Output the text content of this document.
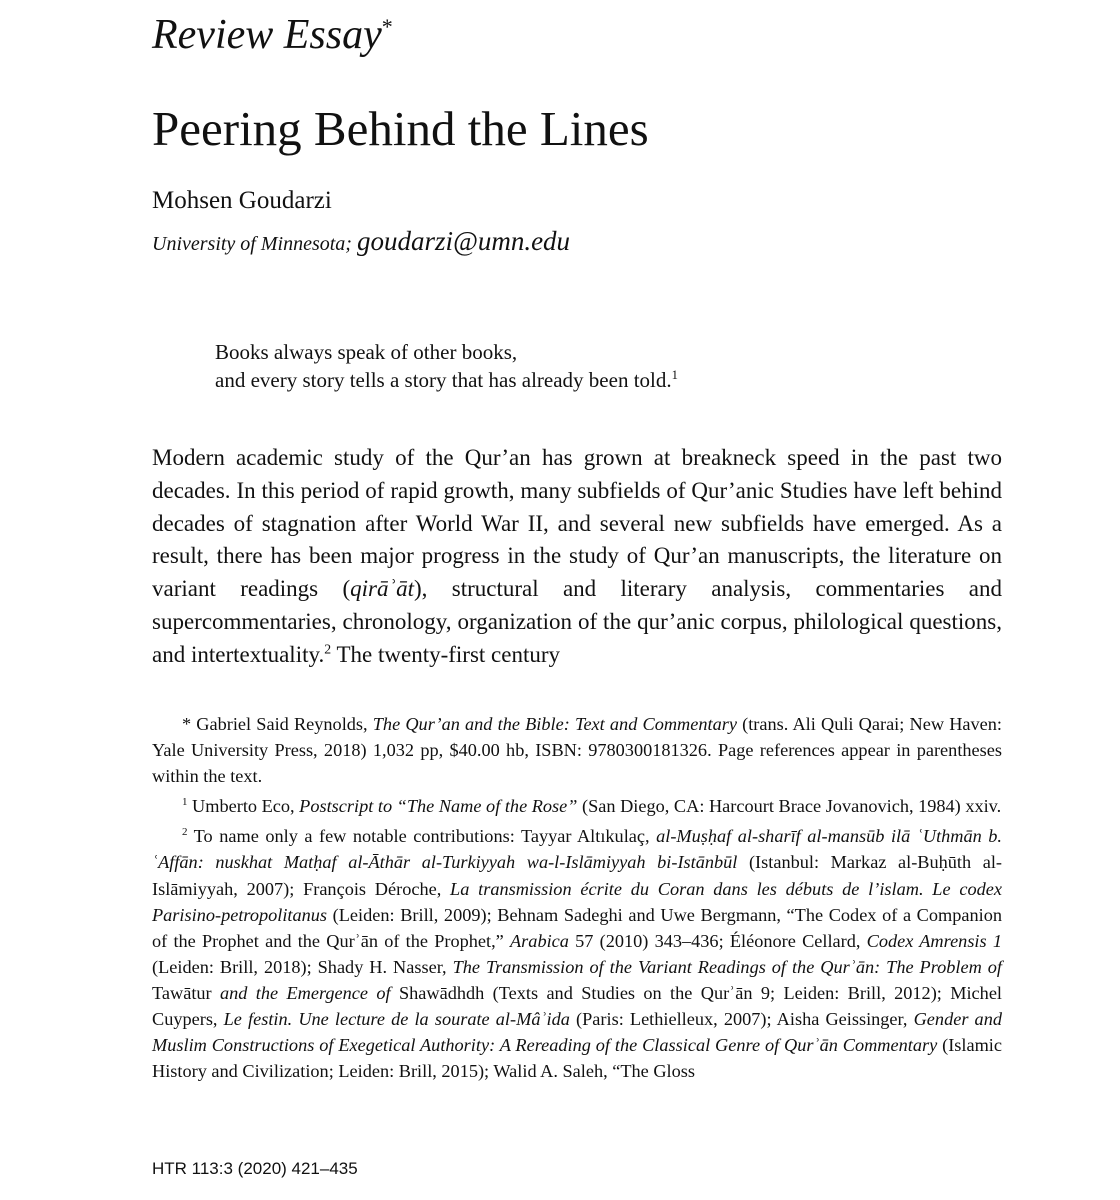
Review Essay*
Peering Behind the Lines
Mohsen Goudarzi
University of Minnesota; goudarzi@umn.edu
Books always speak of other books,
and every story tells a story that has already been told.$^1$

Modern academic study of the Qur’an has grown at breakneck speed in the past two decades. In this period of rapid growth, many subfields of Qur’anic Studies have left behind decades of stagnation after World War II, and several new subfields have emerged. As a result, there has been major progress in the study of Qur’an manuscripts, the literature on variant readings (qirāʾāt), structural and literary analysis, commentaries and supercommentaries, chronology, organization of the qur’anic corpus, philological questions, and intertextuality.$^2$ The twenty-first century

* Gabriel Said Reynolds, The Qur’an and the Bible: Text and Commentary (trans. Ali Quli Qarai; New Haven: Yale University Press, 2018) 1,032 pp, $40.00 hb, ISBN: 9780300181326. Page references appear in parentheses within the text.

$^1$ Umberto Eco, Postscript to “The Name of the Rose” (San Diego, CA: Harcourt Brace Jovanovich, 1984) xxiv.

$^2$ To name only a few notable contributions: Tayyar Altıkulaç, al-Muṣḥaf al-sharīf al-mansūb ilā ʿUthmān b. ʿAffān: nuskhat Matḥaf al-Āthār al-Turkiyyah wa-l-Islāmiyyah bi-Istānbūl (Istanbul: Markaz al-Buḥūth al-Islāmiyyah, 2007); François Déroche, La transmission écrite du Coran dans les débuts de l’islam. Le codex Parisino-petropolitanus (Leiden: Brill, 2009); Behnam Sadeghi and Uwe Bergmann, “The Codex of a Companion of the Prophet and the Qurʾān of the Prophet,” Arabica 57 (2010) 343–436; Éléonore Cellard, Codex Amrensis 1 (Leiden: Brill, 2018); Shady H. Nasser, The Transmission of the Variant Readings of the Qurʾān: The Problem of Tawātur and the Emergence of Shawādhdh (Texts and Studies on the Qurʾān 9; Leiden: Brill, 2012); Michel Cuypers, Le festin. Une lecture de la sourate al-Mâʾida (Paris: Lethielleux, 2007); Aisha Geissinger, Gender and Muslim Constructions of Exegetical Authority: A Rereading of the Classical Genre of Qurʾān Commentary (Islamic History and Civilization; Leiden: Brill, 2015); Walid A. Saleh, “The Gloss

HTR 113:3 (2020) 421–435
